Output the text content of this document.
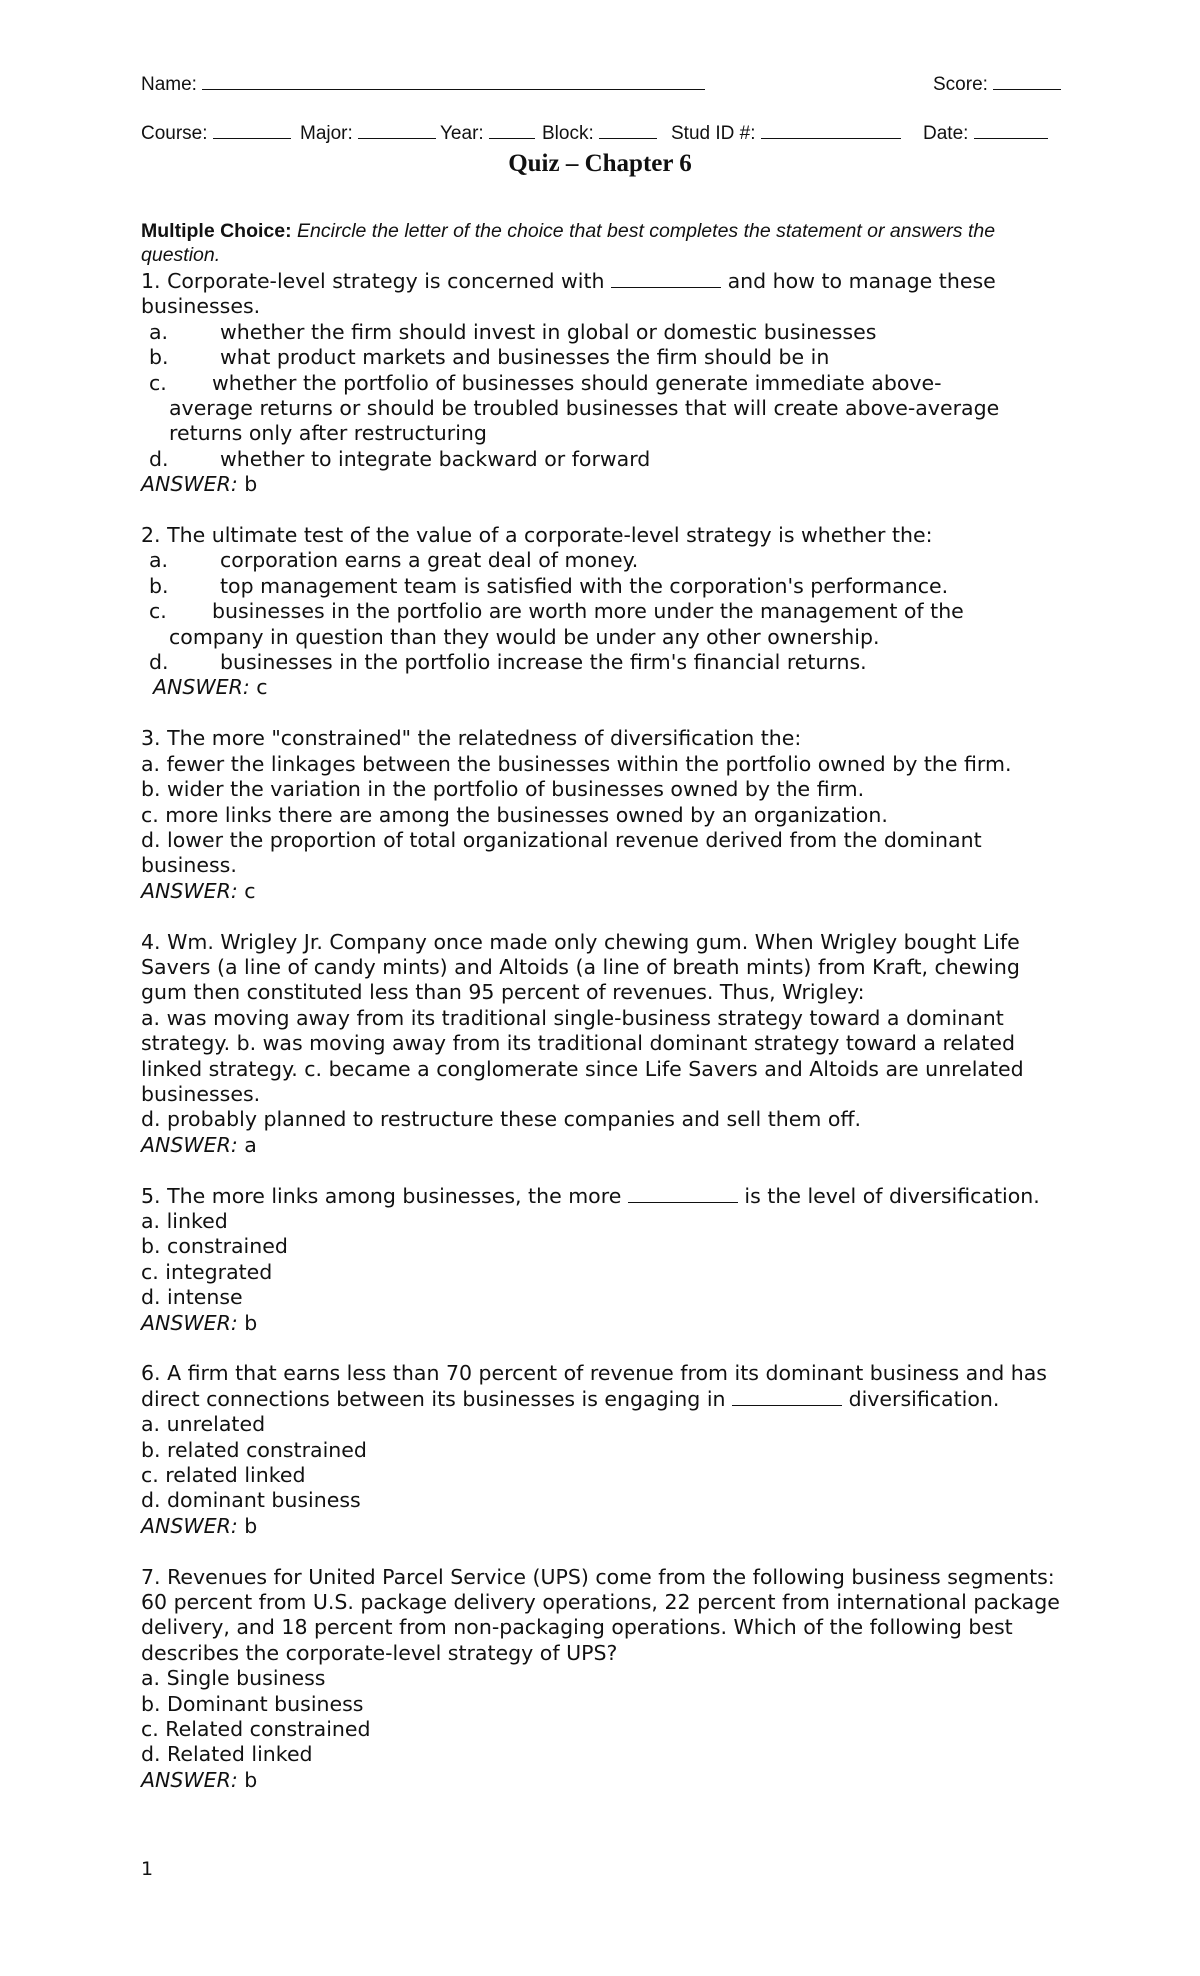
Name:	Score:
Course:	Major:	Year:	Block:	Stud ID #:	Date:
Quiz – Chapter 6
Multiple Choice: Encircle the letter of the choice that best completes the statement or answers the question.
1. Corporate-level strategy is concerned with	and how to manage these businesses.
a.	whether the firm should invest in global or domestic businesses
b.	what product markets and businesses the firm should be in
c. whether the portfolio of businesses should generate immediate above-
average returns or should be troubled businesses that will create above-average returns only after restructuring
d.	whether to integrate backward or forward
ANSWER: b
2. The ultimate test of the value of a corporate-level strategy is whether the:
a.	corporation earns a great deal of money.
b.	top management team is satisfied with the corporation's performance.
c. businesses in the portfolio are worth more under the management of the
company in question than they would be under any other ownership.
d.	businesses in the portfolio increase the firm's financial returns.
ANSWER: c
3. The more "constrained" the relatedness of diversification the:
a. fewer the linkages between the businesses within the portfolio owned by the firm.
b. wider the variation in the portfolio of businesses owned by the firm.
c. more links there are among the businesses owned by an organization.
d. lower the proportion of total organizational revenue derived from the dominant business.
ANSWER: c
4. Wm. Wrigley Jr. Company once made only chewing gum. When Wrigley bought Life Savers (a line of candy mints) and Altoids (a line of breath mints) from Kraft, chewing gum then constituted less than 95 percent of revenues. Thus, Wrigley:
a. was moving away from its traditional single-business strategy toward a dominant strategy. b. was moving away from its traditional dominant strategy toward a related linked strategy. c. became a conglomerate since Life Savers and Altoids are unrelated businesses.
d. probably planned to restructure these companies and sell them off.
ANSWER: a
5. The more links among businesses, the more	is the level of diversification.
a. linked
b. constrained
c. integrated
d. intense
ANSWER: b
6. A firm that earns less than 70 percent of revenue from its dominant business and has direct connections between its businesses is engaging in	diversification.
a. unrelated
b. related constrained
c. related linked
d. dominant business
ANSWER: b
7. Revenues for United Parcel Service (UPS) come from the following business segments: 60 percent from U.S. package delivery operations, 22 percent from international package delivery, and 18 percent from non-packaging operations. Which of the following best describes the corporate-level strategy of UPS?
a. Single business
b. Dominant business
c. Related constrained
d. Related linked
ANSWER: b
1
